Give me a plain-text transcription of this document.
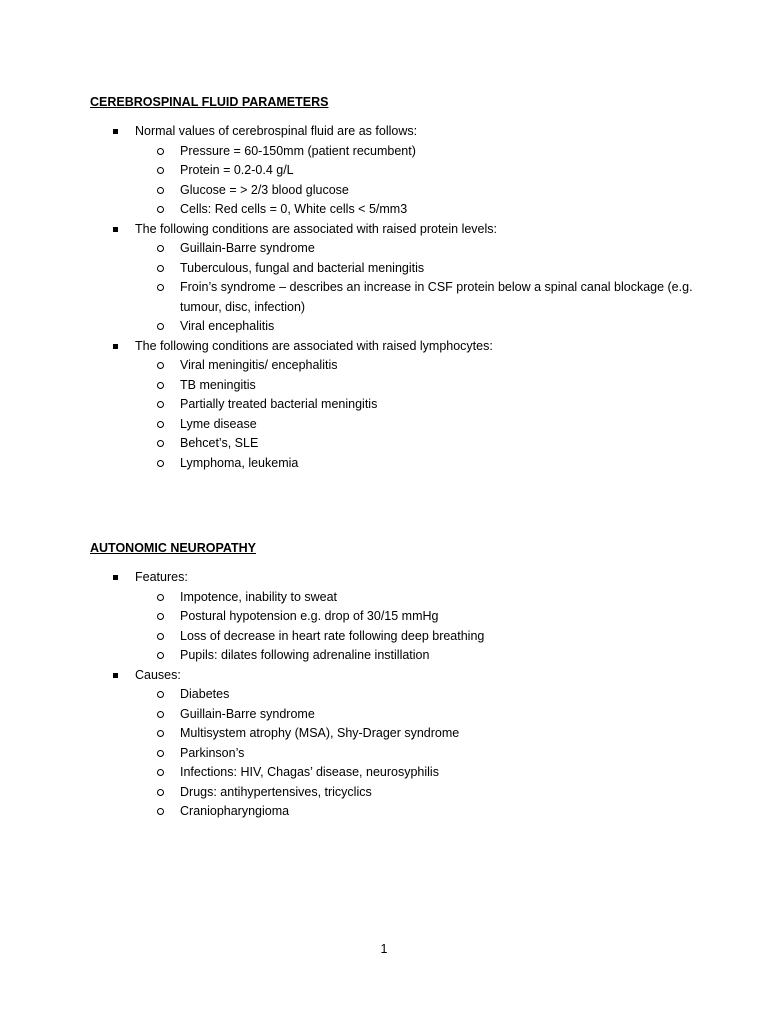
CEREBROSPINAL FLUID PARAMETERS
Normal values of cerebrospinal fluid are as follows:
Pressure = 60-150mm (patient recumbent)
Protein = 0.2-0.4 g/L
Glucose = > 2/3 blood glucose
Cells: Red cells = 0, White cells < 5/mm3
The following conditions are associated with raised protein levels:
Guillain-Barre syndrome
Tuberculous, fungal and bacterial meningitis
Froin’s syndrome – describes an increase in CSF protein below a spinal canal blockage (e.g. tumour, disc, infection)
Viral encephalitis
The following conditions are associated with raised lymphocytes:
Viral meningitis/ encephalitis
TB meningitis
Partially treated bacterial meningitis
Lyme disease
Behcet’s, SLE
Lymphoma, leukemia
AUTONOMIC NEUROPATHY
Features:
Impotence, inability to sweat
Postural hypotension e.g. drop of 30/15 mmHg
Loss of decrease in heart rate following deep breathing
Pupils: dilates following adrenaline instillation
Causes:
Diabetes
Guillain-Barre syndrome
Multisystem atrophy (MSA), Shy-Drager syndrome
Parkinson’s
Infections: HIV, Chagas’ disease, neurosyphilis
Drugs: antihypertensives, tricyclics
Craniopharyngioma
1
